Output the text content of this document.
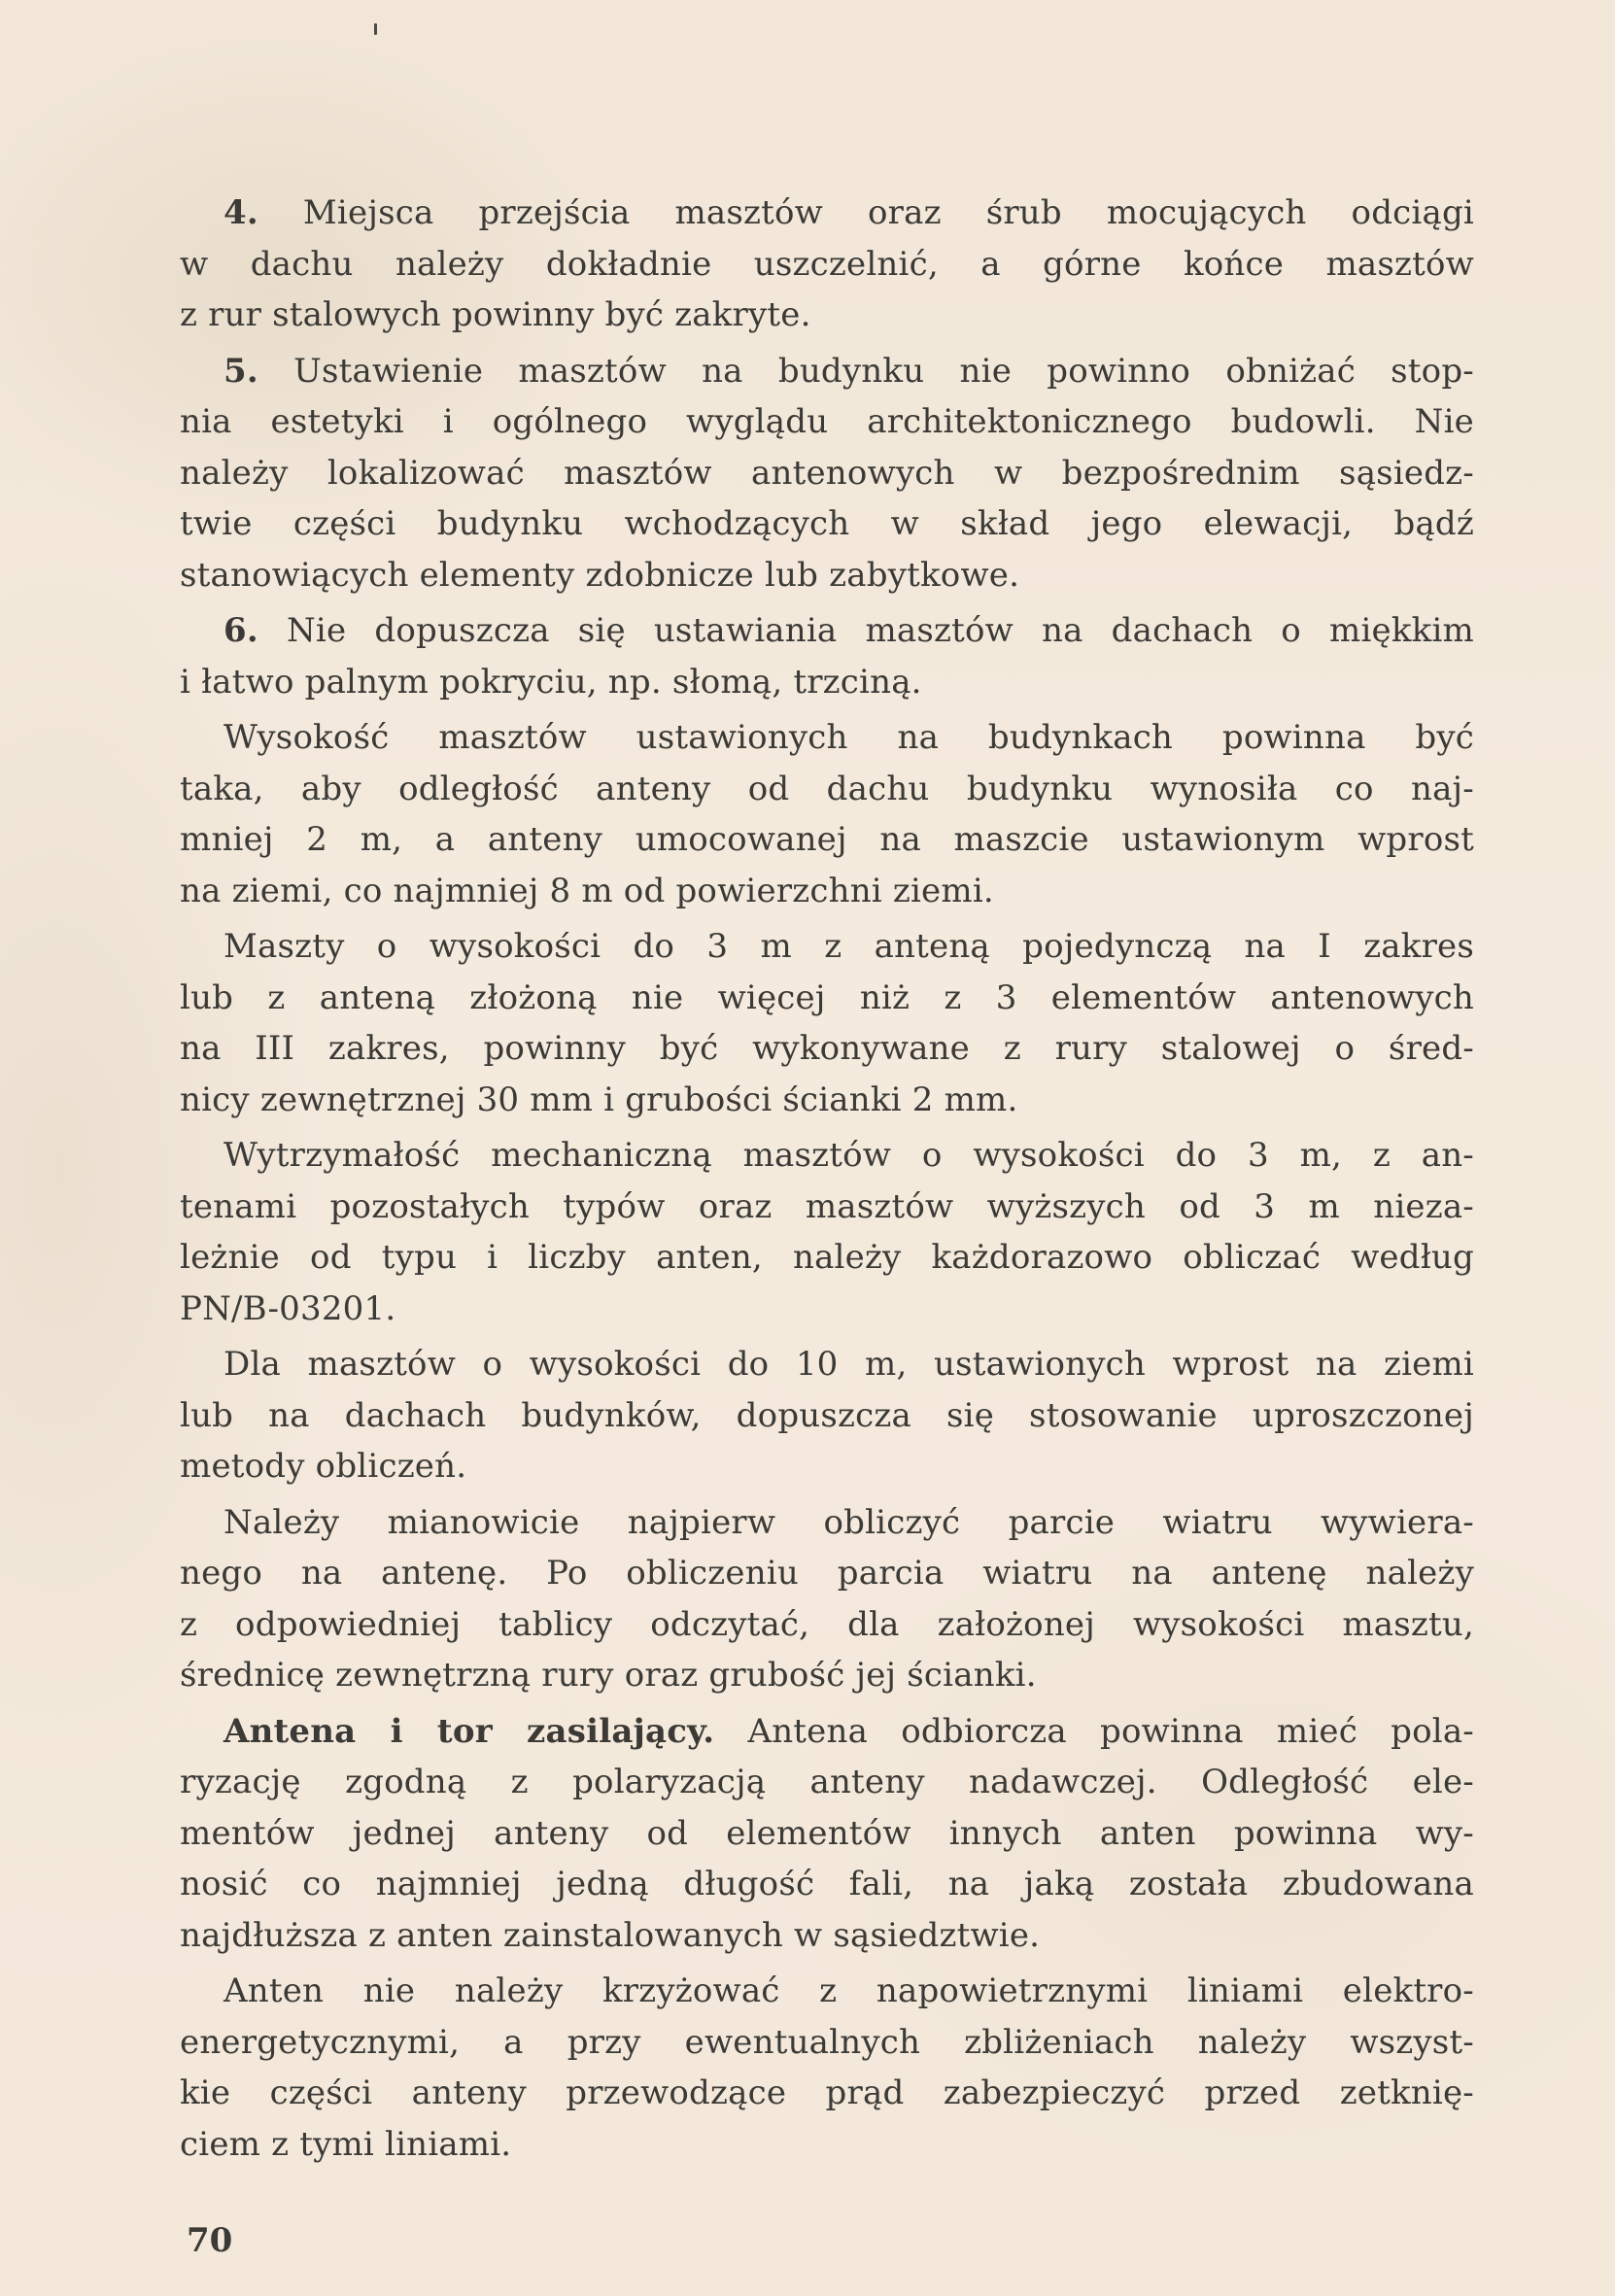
4. Miejsca przejścia masztów oraz śrub mocujących odciągi
w dachu należy dokładnie uszczelnić, a górne końce masztów
z rur stalowych powinny być zakryte.
5. Ustawienie masztów na budynku nie powinno obniżać stop-
nia estetyki i ogólnego wyglądu architektonicznego budowli. Nie
należy lokalizować masztów antenowych w bezpośrednim sąsiedz-
twie części budynku wchodzących w skład jego elewacji, bądź
stanowiących elementy zdobnicze lub zabytkowe.
6. Nie dopuszcza się ustawiania masztów na dachach o miękkim
i łatwo palnym pokryciu, np. słomą, trzciną.
Wysokość masztów ustawionych na budynkach powinna być
taka, aby odległość anteny od dachu budynku wynosiła co naj-
mniej 2 m, a anteny umocowanej na maszcie ustawionym wprost
na ziemi, co najmniej 8 m od powierzchni ziemi.
Maszty o wysokości do 3 m z anteną pojedynczą na I zakres
lub z anteną złożoną nie więcej niż z 3 elementów antenowych
na III zakres, powinny być wykonywane z rury stalowej o śred-
nicy zewnętrznej 30 mm i grubości ścianki 2 mm.
Wytrzymałość mechaniczną masztów o wysokości do 3 m, z an-
tenami pozostałych typów oraz masztów wyższych od 3 m nieza-
leżnie od typu i liczby anten, należy każdorazowo obliczać według
PN/B-03201.
Dla masztów o wysokości do 10 m, ustawionych wprost na ziemi
lub na dachach budynków, dopuszcza się stosowanie uproszczonej
metody obliczeń.
Należy mianowicie najpierw obliczyć parcie wiatru wywiera-
nego na antenę. Po obliczeniu parcia wiatru na antenę należy
z odpowiedniej tablicy odczytać, dla założonej wysokości masztu,
średnicę zewnętrzną rury oraz grubość jej ścianki.
Antena i tor zasilający. Antena odbiorcza powinna mieć pola-
ryzację zgodną z polaryzacją anteny nadawczej. Odległość ele-
mentów jednej anteny od elementów innych anten powinna wy-
nosić co najmniej jedną długość fali, na jaką została zbudowana
najdłuższa z anten zainstalowanych w sąsiedztwie.
Anten nie należy krzyżować z napowietrznymi liniami elektro-
energetycznymi, a przy ewentualnych zbliżeniach należy wszyst-
kie części anteny przewodzące prąd zabezpieczyć przed zetknię-
ciem z tymi liniami.
70
